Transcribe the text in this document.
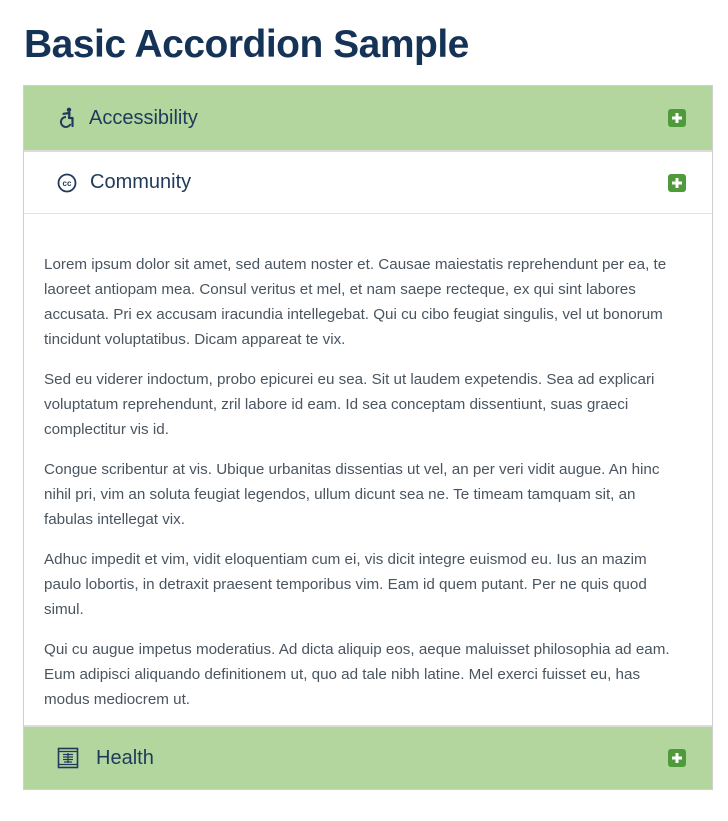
Basic Accordion Sample
Accessibility
cc Community

Lorem ipsum dolor sit amet, sed autem noster et. Causae maiestatis reprehendunt per ea, te laoreet antiopam mea. Consul veritus et mel, et nam saepe recteque, ex qui sint labores accusata. Pri ex accusam iracundia intellegebat. Qui cu cibo feugiat singulis, vel ut bonorum tincidunt voluptatibus. Dicam appareat te vix.

Sed eu viderer indoctum, probo epicurei eu sea. Sit ut laudem expetendis. Sea ad explicari voluptatum reprehendunt, zril labore id eam. Id sea conceptam dissentiunt, suas graeci complectitur vis id.

Congue scribentur at vis. Ubique urbanitas dissentias ut vel, an per veri vidit augue. An hinc nihil pri, vim an soluta feugiat legendos, ullum dicunt sea ne. Te timeam tamquam sit, an fabulas intellegat vix.

Adhuc impedit et vim, vidit eloquentiam cum ei, vis dicit integre euismod eu. Ius an mazim paulo lobortis, in detraxit praesent temporibus vim. Eam id quem putant. Per ne quis quod simul.

Qui cu augue impetus moderatius. Ad dicta aliquip eos, aeque maluisset philosophia ad eam. Eum adipisci aliquando definitionem ut, quo ad tale nibh latine. Mel exerci fuisset eu, has modus mediocrem ut.

Health
